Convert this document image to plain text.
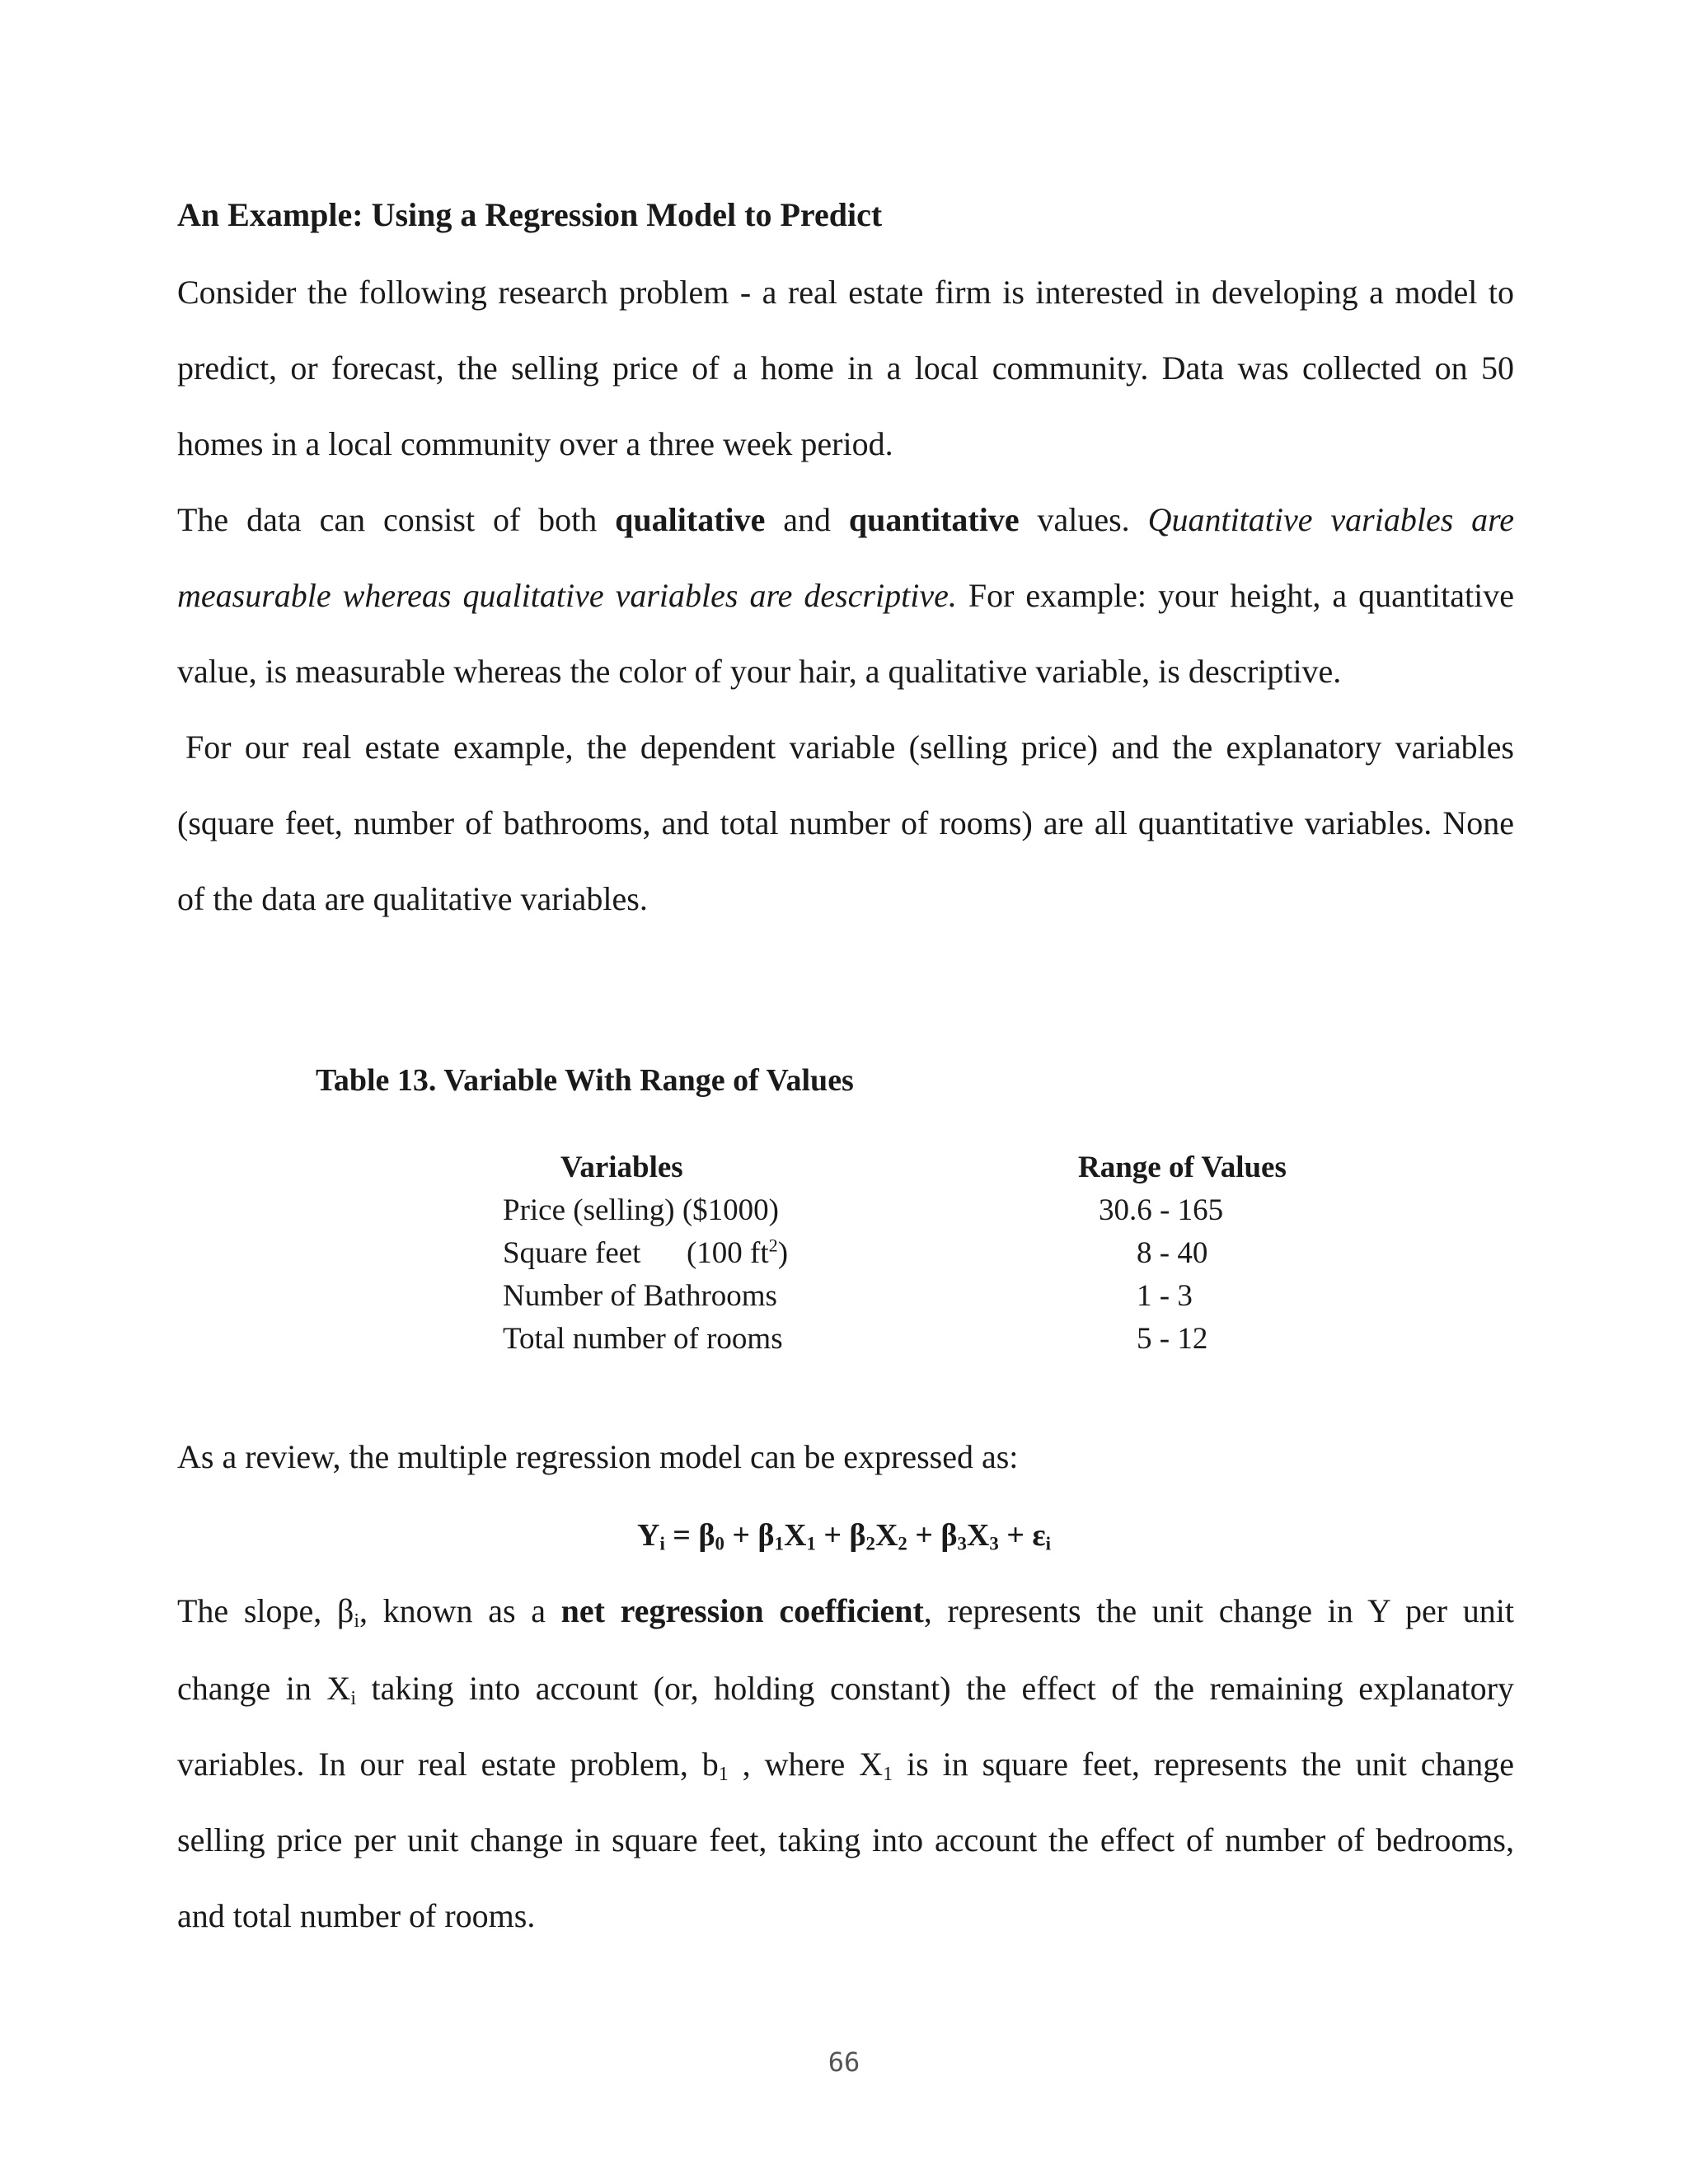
An Example: Using a Regression Model to Predict
Consider the following research problem - a real estate firm is interested in developing a model to
predict, or forecast, the selling price of a home in a local community. Data was collected on 50
homes in a local community over a three week period.
The data can consist of both qualitative and quantitative values. Quantitative variables are
measurable whereas qualitative variables are descriptive. For example: your height, a quantitative
value, is measurable whereas the color of your hair, a qualitative variable, is descriptive.
For our real estate example, the dependent variable (selling price) and the explanatory variables
(square feet, number of bathrooms, and total number of rooms) are all quantitative variables. None
of the data are qualitative variables.
Table 13. Variable With Range of Values
Variables	Range of Values
Price (selling) ($1000)	30.6 - 165
Square feet      (100 $ft^2$)	8 - 40
Number of Bathrooms	1 - 3
Total number of rooms	5 - 12
As a review, the multiple regression model can be expressed as:
$Y_i = \beta_0 + \beta_1X_1 + \beta_2X_2 + \beta_3X_3 + \varepsilon_i$
The slope, $\beta_i$, known as a net regression coefficient, represents the unit change in Y per unit
change in $X_i$ taking into account (or, holding constant) the effect of the remaining explanatory
variables. In our real estate problem, $b_1$ , where $X_1$ is in square feet, represents the unit change
selling price per unit change in square feet, taking into account the effect of number of bedrooms,
and total number of rooms.
66
